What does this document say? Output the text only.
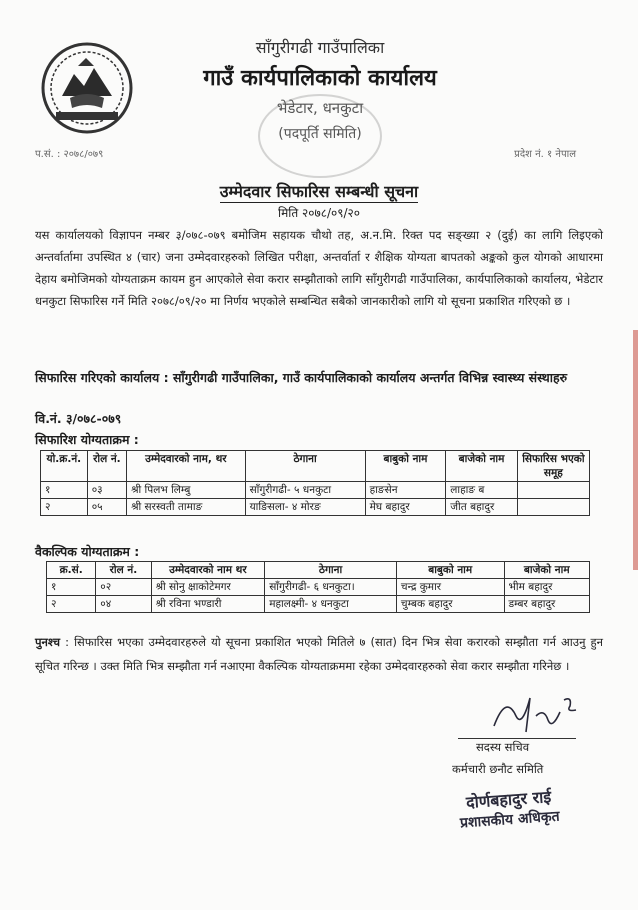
साँगुरीगढी गाउँपालिका
गाउँ कार्यपालिकाको कार्यालय
भेडेटार, धनकुटा
(पदपूर्ति समिति)
प.सं. : २०७८/०७९	प्रदेश नं. १ नेपाल
उम्मेदवार सिफारिस सम्बन्धी सूचना
मिति २०७८/०९/२०

यस कार्यालयको विज्ञापन नम्बर ३/०७८-०७९ बमोजिम सहायक चौथो तह, अ.न.मि. रिक्त पद सङ्ख्या २ (दुई) का लागि लिइएको अन्तर्वार्तामा उपस्थित ४ (चार) जना उम्मेदवारहरुको लिखित परीक्षा, अन्तर्वार्ता र शैक्षिक योग्यता बापतको अङ्कको कुल योगको आधारमा देहाय बमोजिमको योग्यताक्रम कायम हुन आएकोले सेवा करार सम्झौताको लागि साँगुरीगढी गाउँपालिका, कार्यपालिकाको कार्यालय, भेडेटार धनकुटा सिफारिस गर्ने मिति २०७८/०९/२० मा निर्णय भएकोले सम्बन्धित सबैको जानकारीको लागि यो सूचना प्रकाशित गरिएको छ ।

सिफारिस गरिएको कार्यालय : साँगुरीगढी गाउँपालिका, गाउँ कार्यपालिकाको कार्यालय अन्तर्गत विभिन्न स्वास्थ्य संस्थाहरु
वि.नं. ३/०७८-०७९
सिफारिश योग्यताक्रम :
यो.क्र.नं.	रोल नं.	उम्मेदवारको नाम, थर	ठेगाना	बाबुको नाम	बाजेको नाम	सिफारिस भएको समूह
१	०३	श्री पिलभ लिम्बु	साँगुरीगढी- ५ धनकुटा	हाङसेन	लाहाङ ब	
२	०५	श्री सरस्वती तामाङ	याङिसला- ४ मोरङ	मेघ बहादुर	जीत बहादुर	
वैकल्पिक योग्यताक्रम :
क्र.सं.	रोल नं.	उम्मेदवारको नाम थर	ठेगाना	बाबुको नाम	बाजेको नाम
१	०२	श्री सोनु क्षाकोटेमगर	साँगुरीगढी- ६ धनकुटा।	चन्द्र कुमार	भीम बहादुर
२	०४	श्री रविना भण्डारी	महालक्ष्मी- ४ धनकुटा	चुम्बक बहादुर	डम्बर बहादुर

पुनश्च : सिफारिस भएका उम्मेदवारहरुले यो सूचना प्रकाशित भएको मितिले ७ (सात) दिन भित्र सेवा करारको सम्झौता गर्न आउनु हुन सूचित गरिन्छ । उक्त मिति भित्र सम्झौता गर्न नआएमा वैकल्पिक योग्यताक्रममा रहेका उम्मेदवारहरुको सेवा करार सम्झौता गरिनेछ ।

सदस्य सचिव
कर्मचारी छनौट समिति
दोर्णबहादुर राई
प्रशासकीय अधिकृत
